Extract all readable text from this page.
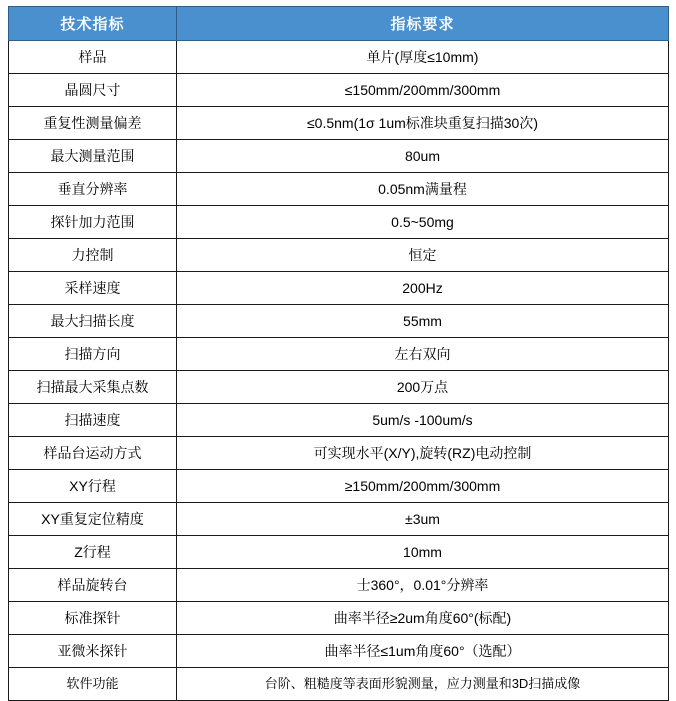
技术指标	指标要求
样品	单片(厚度≤10mm)
晶圆尺寸	≤150mm/200mm/300mm
重复性测量偏差	≤0.5nm(1σ 1um标准块重复扫描30次)
最大测量范围	80um
垂直分辨率	0.05nm满量程
探针加力范围	0.5~50mg
力控制	恒定
采样速度	200Hz
最大扫描长度	55mm
扫描方向	左右双向
扫描最大采集点数	200万点
扫描速度	5um/s -100um/s
样品台运动方式	可实现水平(X/Y),旋转(RZ)电动控制
XY行程	≥150mm/200mm/300mm
XY重复定位精度	±3um
Z行程	10mm
样品旋转台	士360°，0.01°分辨率
标准探针	曲率半径≥2um角度60°(标配)
亚微米探针	曲率半径≤1um角度60°（选配）
软件功能	台阶、粗糙度等表面形貌测量，应力测量和3D扫描成像
